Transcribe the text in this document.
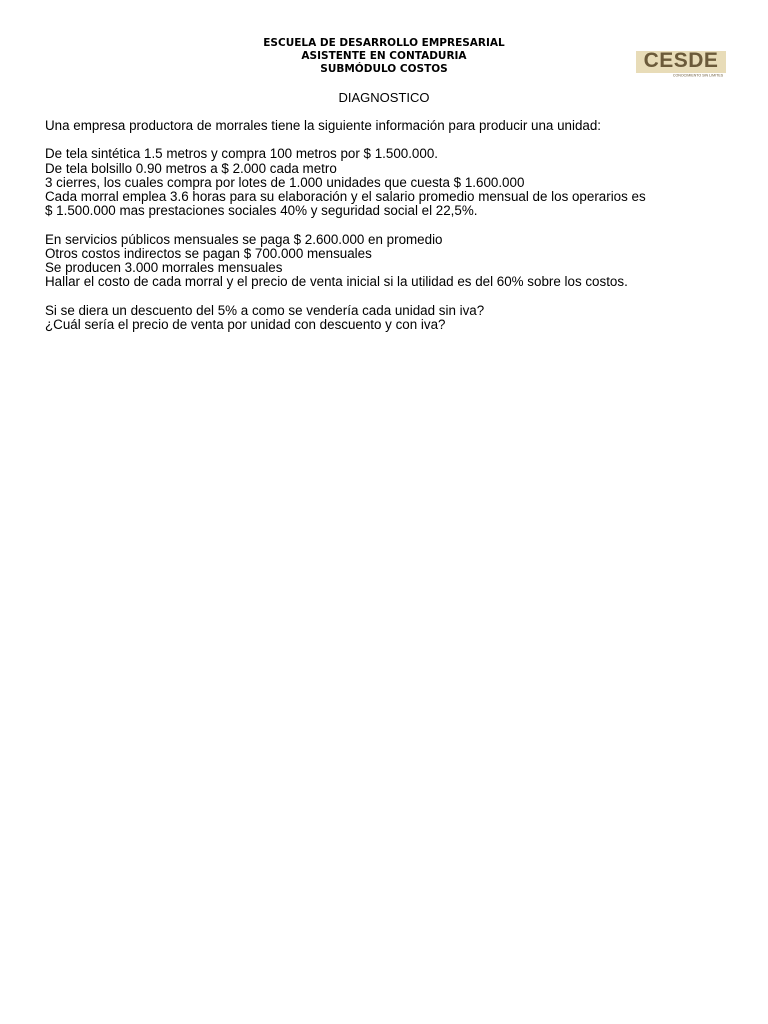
ESCUELA DE DESARROLLO EMPRESARIAL
ASISTENTE EN CONTADURIA
SUBMÓDULO COSTOS	CESDE
CONOCIMIENTO SIN LIMITES
DIAGNOSTICO
Una empresa productora de morrales tiene la siguiente información para producir una unidad:
De tela sintética 1.5 metros y compra 100 metros por $ 1.500.000.
De tela bolsillo 0.90 metros a $ 2.000 cada metro
3 cierres, los cuales compra por lotes de 1.000 unidades que cuesta $ 1.600.000
Cada morral emplea 3.6 horas para su elaboración y el salario promedio mensual de los operarios es
$ 1.500.000 mas prestaciones sociales 40% y seguridad social el 22,5%.
En servicios públicos mensuales se paga $ 2.600.000 en promedio
Otros costos indirectos se pagan $ 700.000 mensuales
Se producen 3.000 morrales mensuales
Hallar el costo de cada morral y el precio de venta inicial si la utilidad es del 60% sobre los costos.
Si se diera un descuento del 5% a como se vendería cada unidad sin iva?
¿Cuál sería el precio de venta por unidad con descuento y con iva?
